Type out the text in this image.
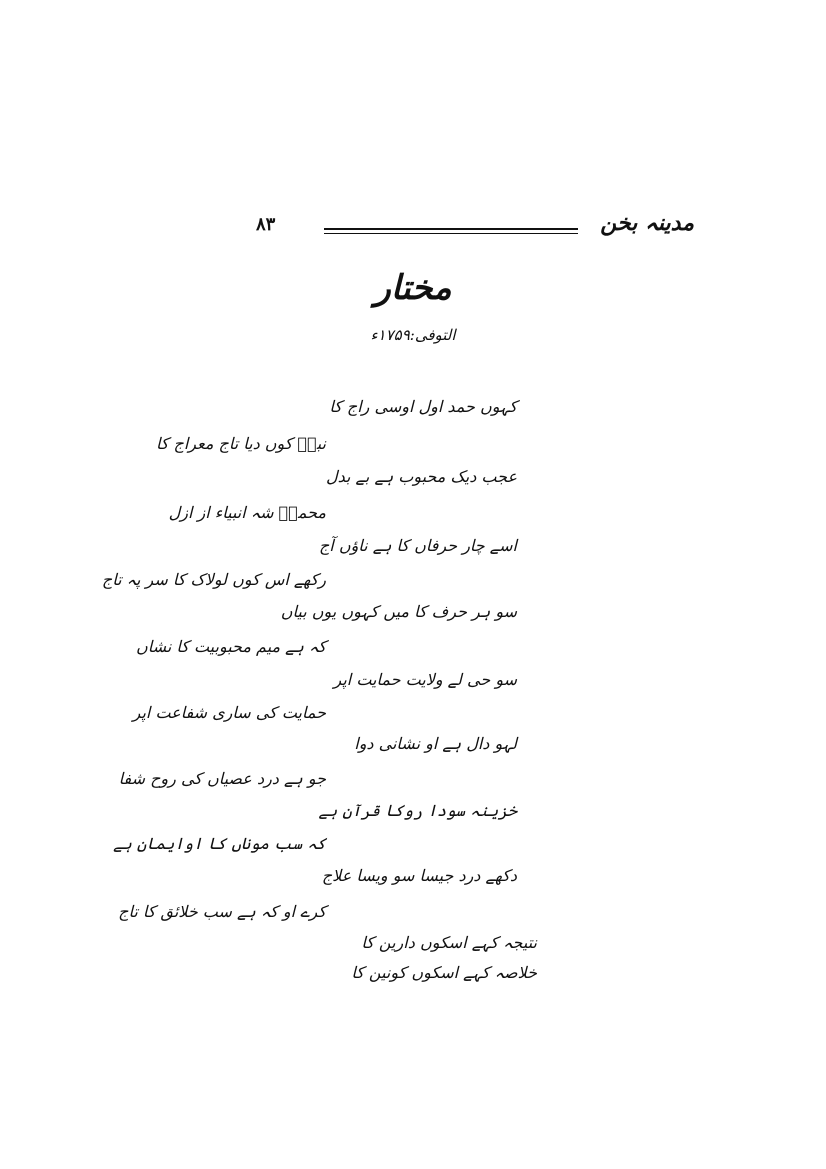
۸۳	مدینہ بخن
مختار
التوفی:۱۷۵۹ء
کہوں حمد اول اوسی راج کا
نبیؐ کوں دیا تاج معراج کا
عجب دیک محبوب ہے بے بدل
محمدؐ شہ انبیاء از ازل
اسے چار حرفاں کا ہے ناؤں آج
رکھے اس کوں لولاک کا سر پہ تاج
سو ہر حرف کا میں کہوں یوں بیاں
کہ ہے میم محبوبیت کا نشاں
سو حی لے ولایت حمایت اپر
حمایت کی ساری شفاعت اپر
لہو دال ہے او نشانی دوا
جو ہے درد عصیاں کی روح شفا
خزینہ سودا روکا قرآن ہے
کہ سب موناں کا اوایمان ہے
دکھے درد جیسا سو ویسا علاج
کرے او کہ ہے سب خلائق کا تاج
نتیجہ کہے اسکوں دارین کا
خلاصہ کہے اسکوں کونین کا
